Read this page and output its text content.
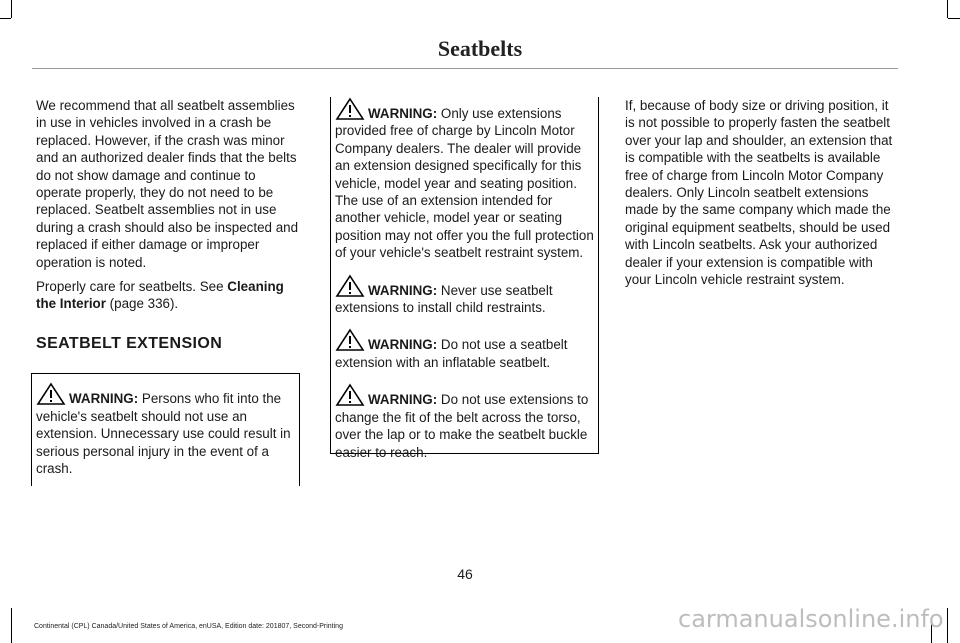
Seatbelts

We recommend that all seatbelt assemblies in use in vehicles involved in a crash be replaced. However, if the crash was minor and an authorized dealer finds that the belts do not show damage and continue to operate properly, they do not need to be replaced. Seatbelt assemblies not in use during a crash should also be inspected and replaced if either damage or improper operation is noted.

Properly care for seatbelts. See Cleaning the Interior (page 336).

SEATBELT EXTENSION
WARNING: Persons who fit into the vehicle's seatbelt should not use an extension. Unnecessary use could result in serious personal injury in the event of a crash.
WARNING: Only use extensions provided free of charge by Lincoln Motor Company dealers. The dealer will provide an extension designed specifically for this vehicle, model year and seating position. The use of an extension intended for another vehicle, model year or seating position may not offer you the full protection of your vehicle's seatbelt restraint system.
WARNING: Never use seatbelt extensions to install child restraints.
WARNING: Do not use a seatbelt extension with an inflatable seatbelt.
WARNING: Do not use extensions to change the fit of the belt across the torso, over the lap or to make the seatbelt buckle easier to reach.

If, because of body size or driving position, it is not possible to properly fasten the seatbelt over your lap and shoulder, an extension that is compatible with the seatbelts is available free of charge from Lincoln Motor Company dealers. Only Lincoln seatbelt extensions made by the same company which made the original equipment seatbelts, should be used with Lincoln seatbelts. Ask your authorized dealer if your extension is compatible with your Lincoln vehicle restraint system.

46
Continental (CPL) Canada/United States of America, enUSA, Edition date: 201807, Second-Printing	carmanualsonline.info
